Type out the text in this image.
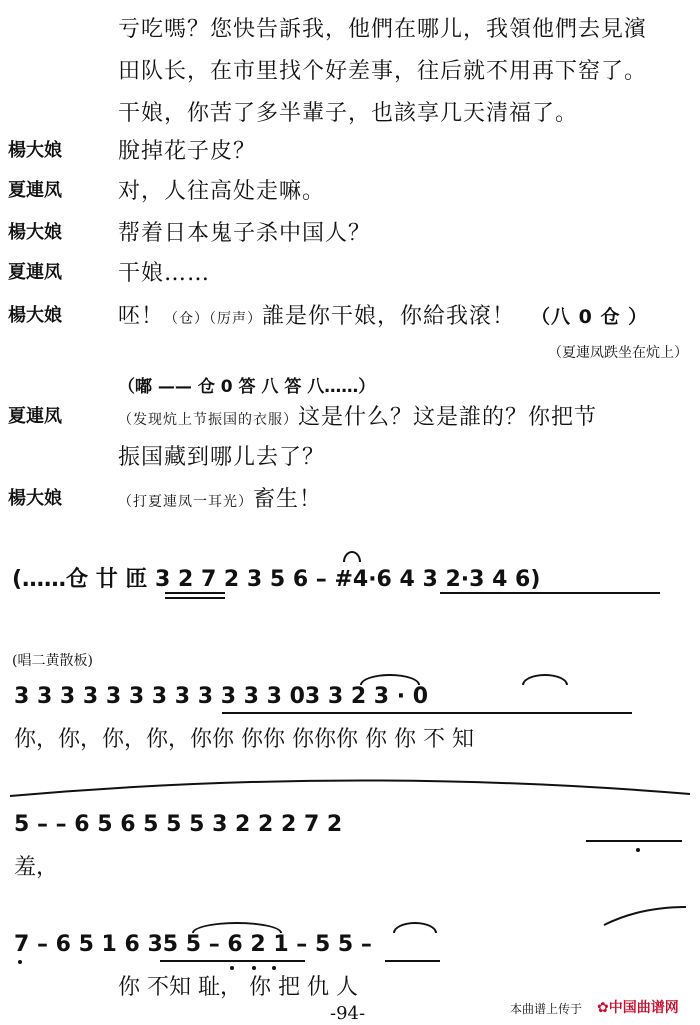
亏吃嗎？您快告訴我，他們在哪儿，我領他們去見濱
田队长，在市里找个好差事，往后就不用再下窑了。
干娘，你苦了多半輩子，也該享几天清福了。
楊大娘	脫掉花子皮？
夏連凤	对，人往高处走嘛。
楊大娘	帮着日本鬼子杀中国人？
夏連凤	干娘……
楊大娘	呸！（仓）（厉声）誰是你干娘，你給我滾！ （八 0 仓 ）
（夏連凤跌坐在炕上）
（嘟 —— 仓 0 答 八 答 八……）
夏連凤	（发现炕上节振国的衣服）这是什么？这是誰的？你把节
振国藏到哪儿去了？
楊大娘	（打夏連凤一耳光）畜生！
(……仓 廿 匝 3 2 7 2 3 5 6 – #4·6 4 3 2·3 4 6)
(唱二黄散板)
3 3 3 3 3 3 3 3 3 3 3 3 03 3 2 3 · 0
你，你，你，你，你你 你你 你你你 你 你 不 知
5 – – 6 5 6 5 5 5 3 2 2 2 7 2
羞，
7 – 6 5 1 6 35 5 – 6 2 1 – 5 5 –
你 不知 耻， 你 把 仇 人
-94-	本曲谱上传于 ✿中国曲谱网
